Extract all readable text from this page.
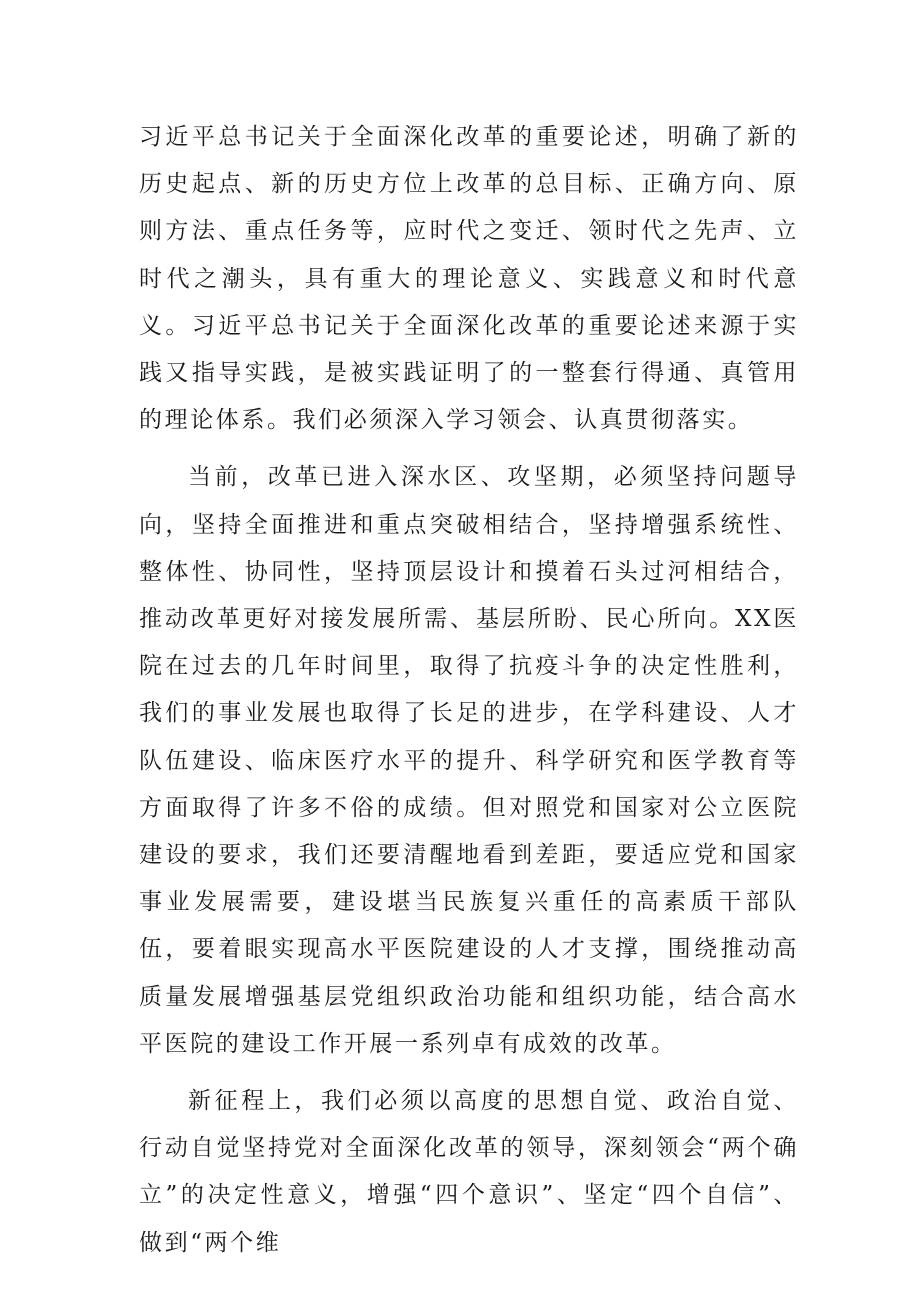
习近平总书记关于全面深化改革的重要论述，明确了新的历史起点、新的历史方位上改革的总目标、正确方向、原则方法、重点任务等，应时代之变迁、领时代之先声、立时代之潮头，具有重大的理论意义、实践意义和时代意义。习近平总书记关于全面深化改革的重要论述来源于实践又指导实践，是被实践证明了的一整套行得通、真管用的理论体系。我们必须深入学习领会、认真贯彻落实。

当前，改革已进入深水区、攻坚期，必须坚持问题导向，坚持全面推进和重点突破相结合，坚持增强系统性、整体性、协同性，坚持顶层设计和摸着石头过河相结合，推动改革更好对接发展所需、基层所盼、民心所向。XX医院在过去的几年时间里，取得了抗疫斗争的决定性胜利，我们的事业发展也取得了长足的进步，在学科建设、人才队伍建设、临床医疗水平的提升、科学研究和医学教育等方面取得了许多不俗的成绩。但对照党和国家对公立医院建设的要求，我们还要清醒地看到差距，要适应党和国家事业发展需要，建设堪当民族复兴重任的高素质干部队伍，要着眼实现高水平医院建设的人才支撑，围绕推动高质量发展增强基层党组织政治功能和组织功能，结合高水平医院的建设工作开展一系列卓有成效的改革。

新征程上，我们必须以高度的思想自觉、政治自觉、行动自觉坚持党对全面深化改革的领导，深刻领会“两个确立”的决定性意义，增强“四个意识”、坚定“四个自信”、做到“两个维
